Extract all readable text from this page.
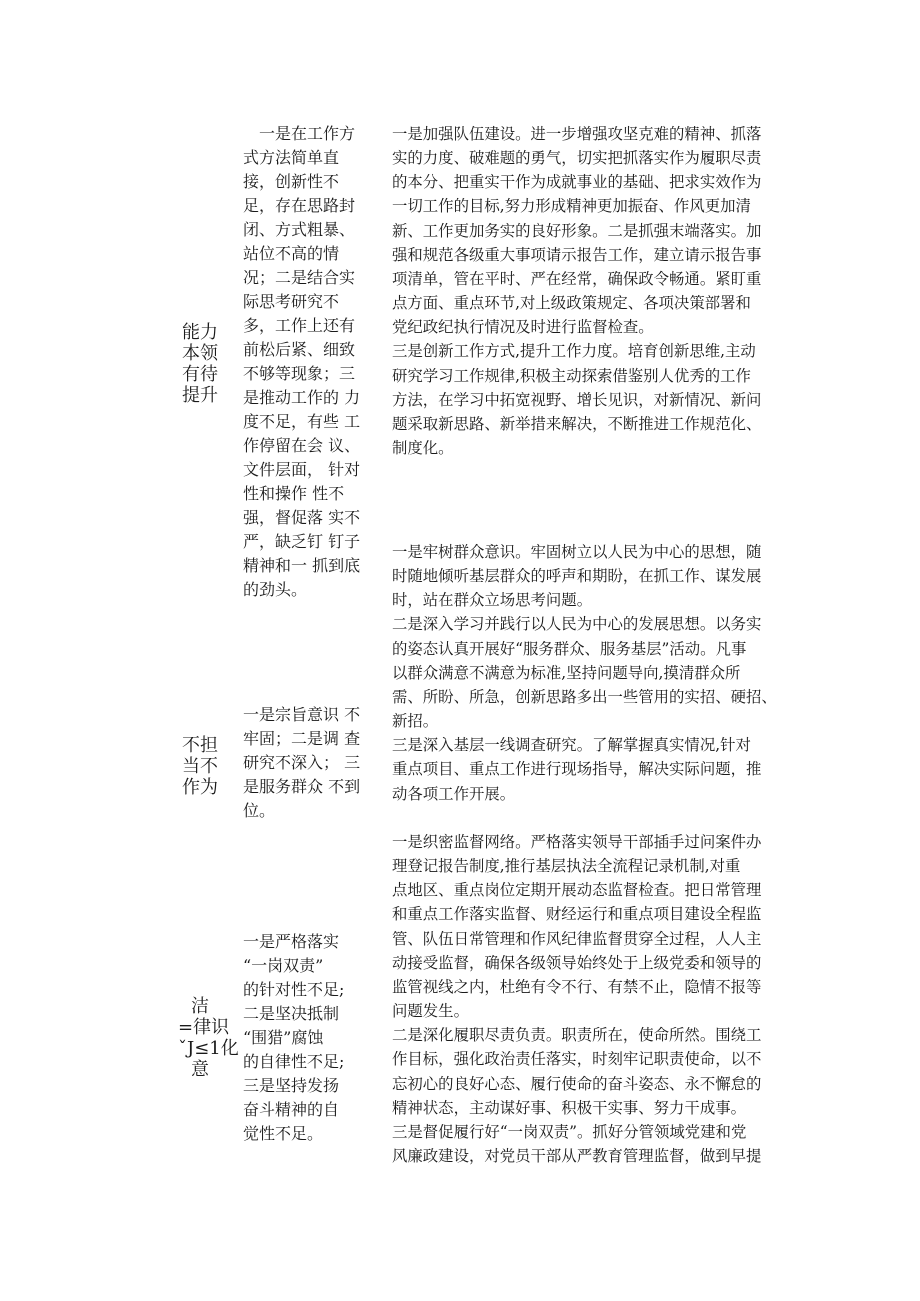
能力
本领
有待
提升
　一是在工作方
式方法简单直
接，创新性不
足，存在思路封
闭、方式粗暴、
站位不高的情
况；二是结合实
际思考研究不
多，工作上还有
前松后紧、细致
不够等现象；三
是推动工作的 力
度不足，有些 工
作停留在会 议、
文件层面， 针对
性和操作 性不
强，督促落 实不
严，缺乏钉 钉子
精神和一 抓到底
的劲头。
一是加强队伍建设。进一步增强攻坚克难的精神、抓落
实的力度、破难题的勇气，切实把抓落实作为履职尽责
的本分、把重实干作为成就事业的基础、把求实效作为
一切工作的目标,努力形成精神更加振奋、作风更加清
新、工作更加务实的良好形象。二是抓强末端落实。加
强和规范各级重大事项请示报告工作，建立请示报告事
项清单，管在平时、严在经常，确保政令畅通。紧盯重
点方面、重点环节,对上级政策规定、各项决策部署和
党纪政纪执行情况及时进行监督检查。
三是创新工作方式,提升工作力度。培育创新思维,主动
研究学习工作规律,积极主动探索借鉴别人优秀的工作
方法，在学习中拓宽视野、增长见识，对新情况、新问
题采取新思路、新举措来解决，不断推进工作规范化、
制度化。
不担
当不
作为
一是宗旨意识 不
牢固；二是调 查
研究不深入； 三
是服务群众 不到
位。
一是牢树群众意识。牢固树立以人民为中心的思想，随
时随地倾听基层群众的呼声和期盼，在抓工作、谋发展
时，站在群众立场思考问题。
二是深入学习并践行以人民为中心的发展思想。以务实
的姿态认真开展好“服务群众、服务基层”活动。凡事
以群众满意不满意为标准,坚持问题导向,摸清群众所
需、所盼、所急，创新思路多出一些管用的实招、硬招、
新招。
三是深入基层一线调查研究。了解掌握真实情况,针对
重点项目、重点工作进行现场指导，解决实际问题，推
动各项工作开展。
洁
=律识
ˇJ≤1化
意
一是严格落实
“一岗双责”
的针对性不足;
二是坚决抵制
“围猎”腐蚀
的自律性不足;
三是坚持发扬
奋斗精神的自
觉性不足。
一是织密监督网络。严格落实领导干部插手过问案件办
理登记报告制度,推行基层执法全流程记录机制,对重
点地区、重点岗位定期开展动态监督检查。把日常管理
和重点工作落实监督、财经运行和重点项目建设全程监
管、队伍日常管理和作风纪律监督贯穿全过程，人人主
动接受监督，确保各级领导始终处于上级党委和领导的
监管视线之内，杜绝有令不行、有禁不止，隐情不报等
问题发生。
二是深化履职尽责负责。职责所在，使命所然。围绕工
作目标，强化政治责任落实，时刻牢记职责使命，以不
忘初心的良好心态、履行使命的奋斗姿态、永不懈怠的
精神状态，主动谋好事、积极干实事、努力干成事。
三是督促履行好“一岗双责”。抓好分管领域党建和党
风廉政建设，对党员干部从严教育管理监督，做到早提
